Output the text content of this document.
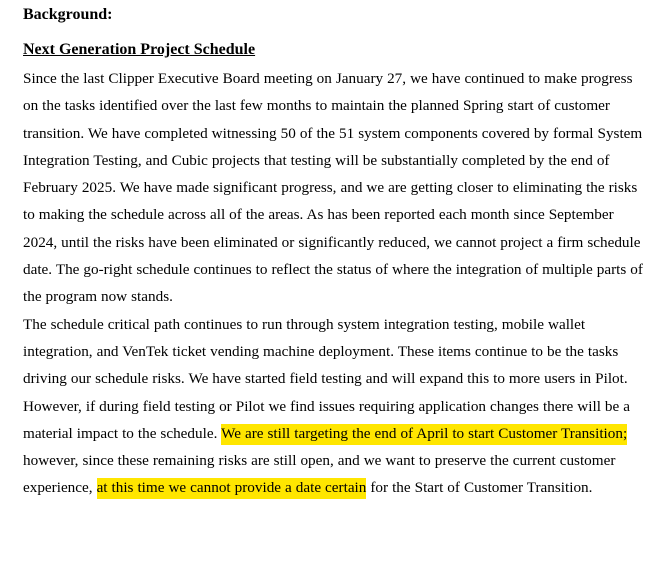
Background:

Next Generation Project Schedule

Since the last Clipper Executive Board meeting on January 27, we have continued to make progress on the tasks identified over the last few months to maintain the planned Spring start of customer transition. We have completed witnessing 50 of the 51 system components covered by formal System Integration Testing, and Cubic projects that testing will be substantially completed by the end of February 2025. We have made significant progress, and we are getting closer to eliminating the risks to making the schedule across all of the areas. As has been reported each month since September 2024, until the risks have been eliminated or significantly reduced, we cannot project a firm schedule date. The go-right schedule continues to reflect the status of where the integration of multiple parts of the program now stands.

The schedule critical path continues to run through system integration testing, mobile wallet integration, and VenTek ticket vending machine deployment. These items continue to be the tasks driving our schedule risks. We have started field testing and will expand this to more users in Pilot. However, if during field testing or Pilot we find issues requiring application changes there will be a material impact to the schedule. We are still targeting the end of April to start Customer Transition; however, since these remaining risks are still open, and we want to preserve the current customer experience, at this time we cannot provide a date certain for the Start of Customer Transition.
